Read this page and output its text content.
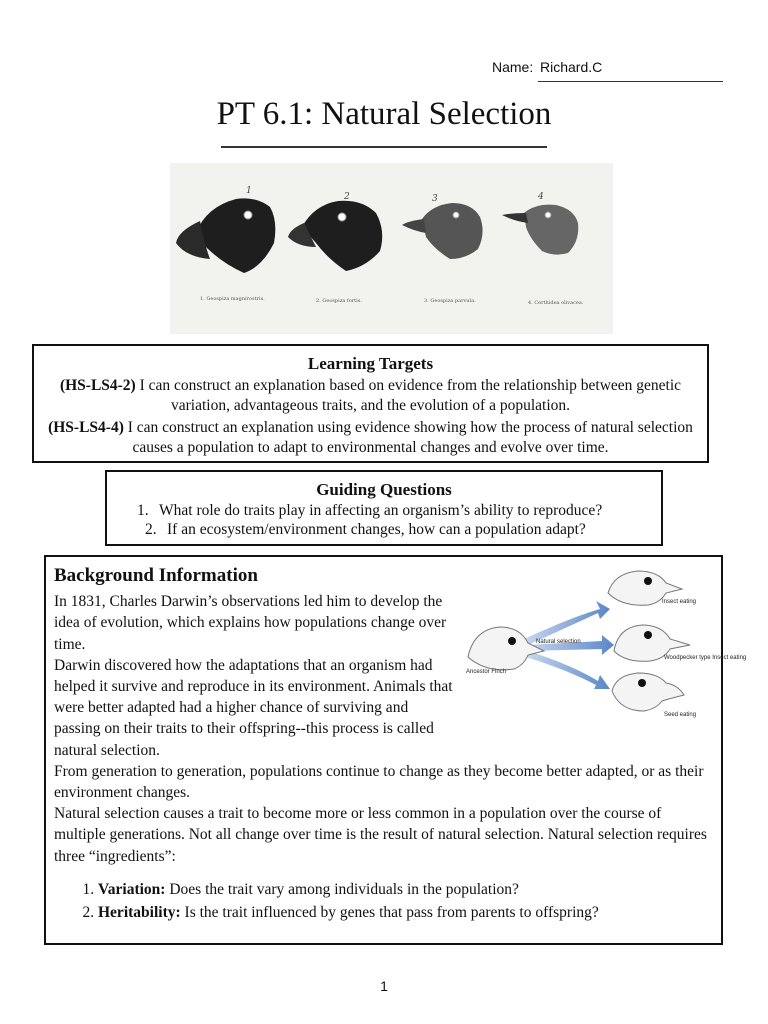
Name: Richard.C
PT 6.1: Natural Selection
1
2	3	4
1. Geospiza magnirostris.	2. Geospiza fortis.	3. Geospiza parvula.	4. Certhidea olivacea.
Learning Targets

(HS-LS4-2) I can construct an explanation based on evidence from the relationship between genetic variation, advantageous traits, and the evolution of a population.

(HS-LS4-4) I can construct an explanation using evidence showing how the process of natural selection causes a population to adapt to environmental changes and evolve over time.

Guiding Questions
1. What role do traits play in affecting an organism’s ability to reproduce?
2. If an ecosystem/environment changes, how can a population adapt?
Background Information

In 1831, Charles Darwin’s observations led him to develop the idea of evolution, which explains how populations change over time.

Darwin discovered how the adaptations that an organism had helped it survive and reproduce in its environment. Animals that were better adapted had a higher chance of surviving and passing on their traits to their offspring--this process is called natural selection.

From generation to generation, populations continue to change as they become better adapted, or as their environment changes.

Natural selection causes a trait to become more or less common in a population over the course of multiple generations. Not all change over time is the result of natural selection. Natural selection requires three “ingredients”:

1. Variation: Does the trait vary among individuals in the population?
2. Heritability: Is the trait influenced by genes that pass from parents to offspring?
Ancestor Finch
Natural selection
Insect eating
Woodpecker type Insect eating
Seed eating
1
